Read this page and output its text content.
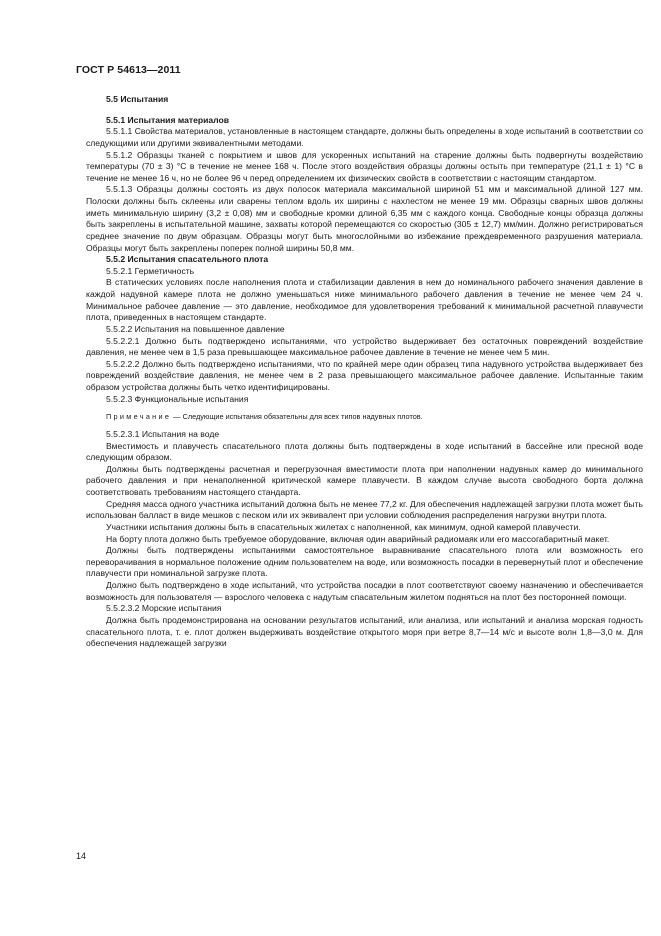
ГОСТ Р 54613—2011

5.5 Испытания

5.5.1 Испытания материалов

5.5.1.1 Свойства материалов, установленные в настоящем стандарте, должны быть определены в ходе испытаний в соответствии со следующими или другими эквивалентными методами.

5.5.1.2 Образцы тканей с покрытием и швов для ускоренных испытаний на старение должны быть подвергнуты воздействию температуры (70 ± 3) °С в течение не менее 168 ч. После этого воздействия образцы должны остыть при температуре (21,1 ± 1) °С в течение не менее 16 ч, но не более 96 ч перед определением их физических свойств в соответствии с настоящим стандартом.

5.5.1.3 Образцы должны состоять из двух полосок материала максимальной шириной 51 мм и максимальной длиной 127 мм. Полоски должны быть склеены или сварены теплом вдоль их ширины с нахлестом не менее 19 мм. Образцы сварных швов должны иметь минимальную ширину (3,2 ± 0,08) мм и свободные кромки длиной 6,35 мм с каждого конца. Свободные концы образца должны быть закреплены в испытательной машине, захваты которой перемещаются со скоростью (305 ± 12,7) мм/мин. Должно регистрироваться среднее значение по двум образцам. Образцы могут быть многослойными во избежание преждевременного разрушения материала. Образцы могут быть закреплены поперек полной ширины 50,8 мм.

5.5.2 Испытания спасательного плота

5.5.2.1 Герметичность

В статических условиях после наполнения плота и стабилизации давления в нем до номинального рабочего значения давление в каждой надувной камере плота не должно уменьшаться ниже минимального рабочего давления в течение не менее чем 24 ч. Минимальное рабочее давление — это давление, необходимое для удовлетворения требований к минимальной расчетной плавучести плота, приведенных в настоящем стандарте.

5.5.2.2 Испытания на повышенное давление

5.5.2.2.1 Должно быть подтверждено испытаниями, что устройство выдерживает без остаточных повреждений воздействие давления, не менее чем в 1,5 раза превышающее максимальное рабочее давление в течение не менее чем 5 мин.

5.5.2.2.2 Должно быть подтверждено испытаниями, что по крайней мере один образец типа надувного устройства выдерживает без повреждений воздействие давления, не менее чем в 2 раза превышающего максимальное рабочее давление. Испытанные таким образом устройства должны быть четко идентифицированы.

5.5.2.3 Функциональные испытания

Примечание — Следующие испытания обязательны для всех типов надувных плотов.

5.5.2.3.1 Испытания на воде

Вместимость и плавучесть спасательного плота должны быть подтверждены в ходе испытаний в бассейне или пресной воде следующим образом.

Должны быть подтверждены расчетная и перегрузочная вместимости плота при наполнении надувных камер до минимального рабочего давления и при ненаполненной критической камере плавучести. В каждом случае высота свободного борта должна соответствовать требованиям настоящего стандарта.

Средняя масса одного участника испытаний должна быть не менее 77,2 кг. Для обеспечения надлежащей загрузки плота может быть использован балласт в виде мешков с песком или их эквивалент при условии соблюдения распределения нагрузки внутри плота.

Участники испытания должны быть в спасательных жилетах с наполненной, как минимум, одной камерой плавучести.

На борту плота должно быть требуемое оборудование, включая один аварийный радиомаяк или его массогабаритный макет.

Должны быть подтверждены испытаниями самостоятельное выравнивание спасательного плота или возможность его переворачивания в нормальное положение одним пользователем на воде, или возможность посадки в перевернутый плот и обеспечение плавучести при номинальной загрузке плота.

Должно быть подтверждено в ходе испытаний, что устройства посадки в плот соответствуют своему назначению и обеспечивается возможность для пользователя — взрослого человека с надутым спасательным жилетом подняться на плот без посторонней помощи.

5.5.2.3.2 Морские испытания

Должна быть продемонстрирована на основании результатов испытаний, или анализа, или испытаний и анализа морская годность спасательного плота, т. е. плот должен выдерживать воздействие открытого моря при ветре 8,7—14 м/с и высоте волн 1,8—3,0 м. Для обеспечения надлежащей загрузки

14
